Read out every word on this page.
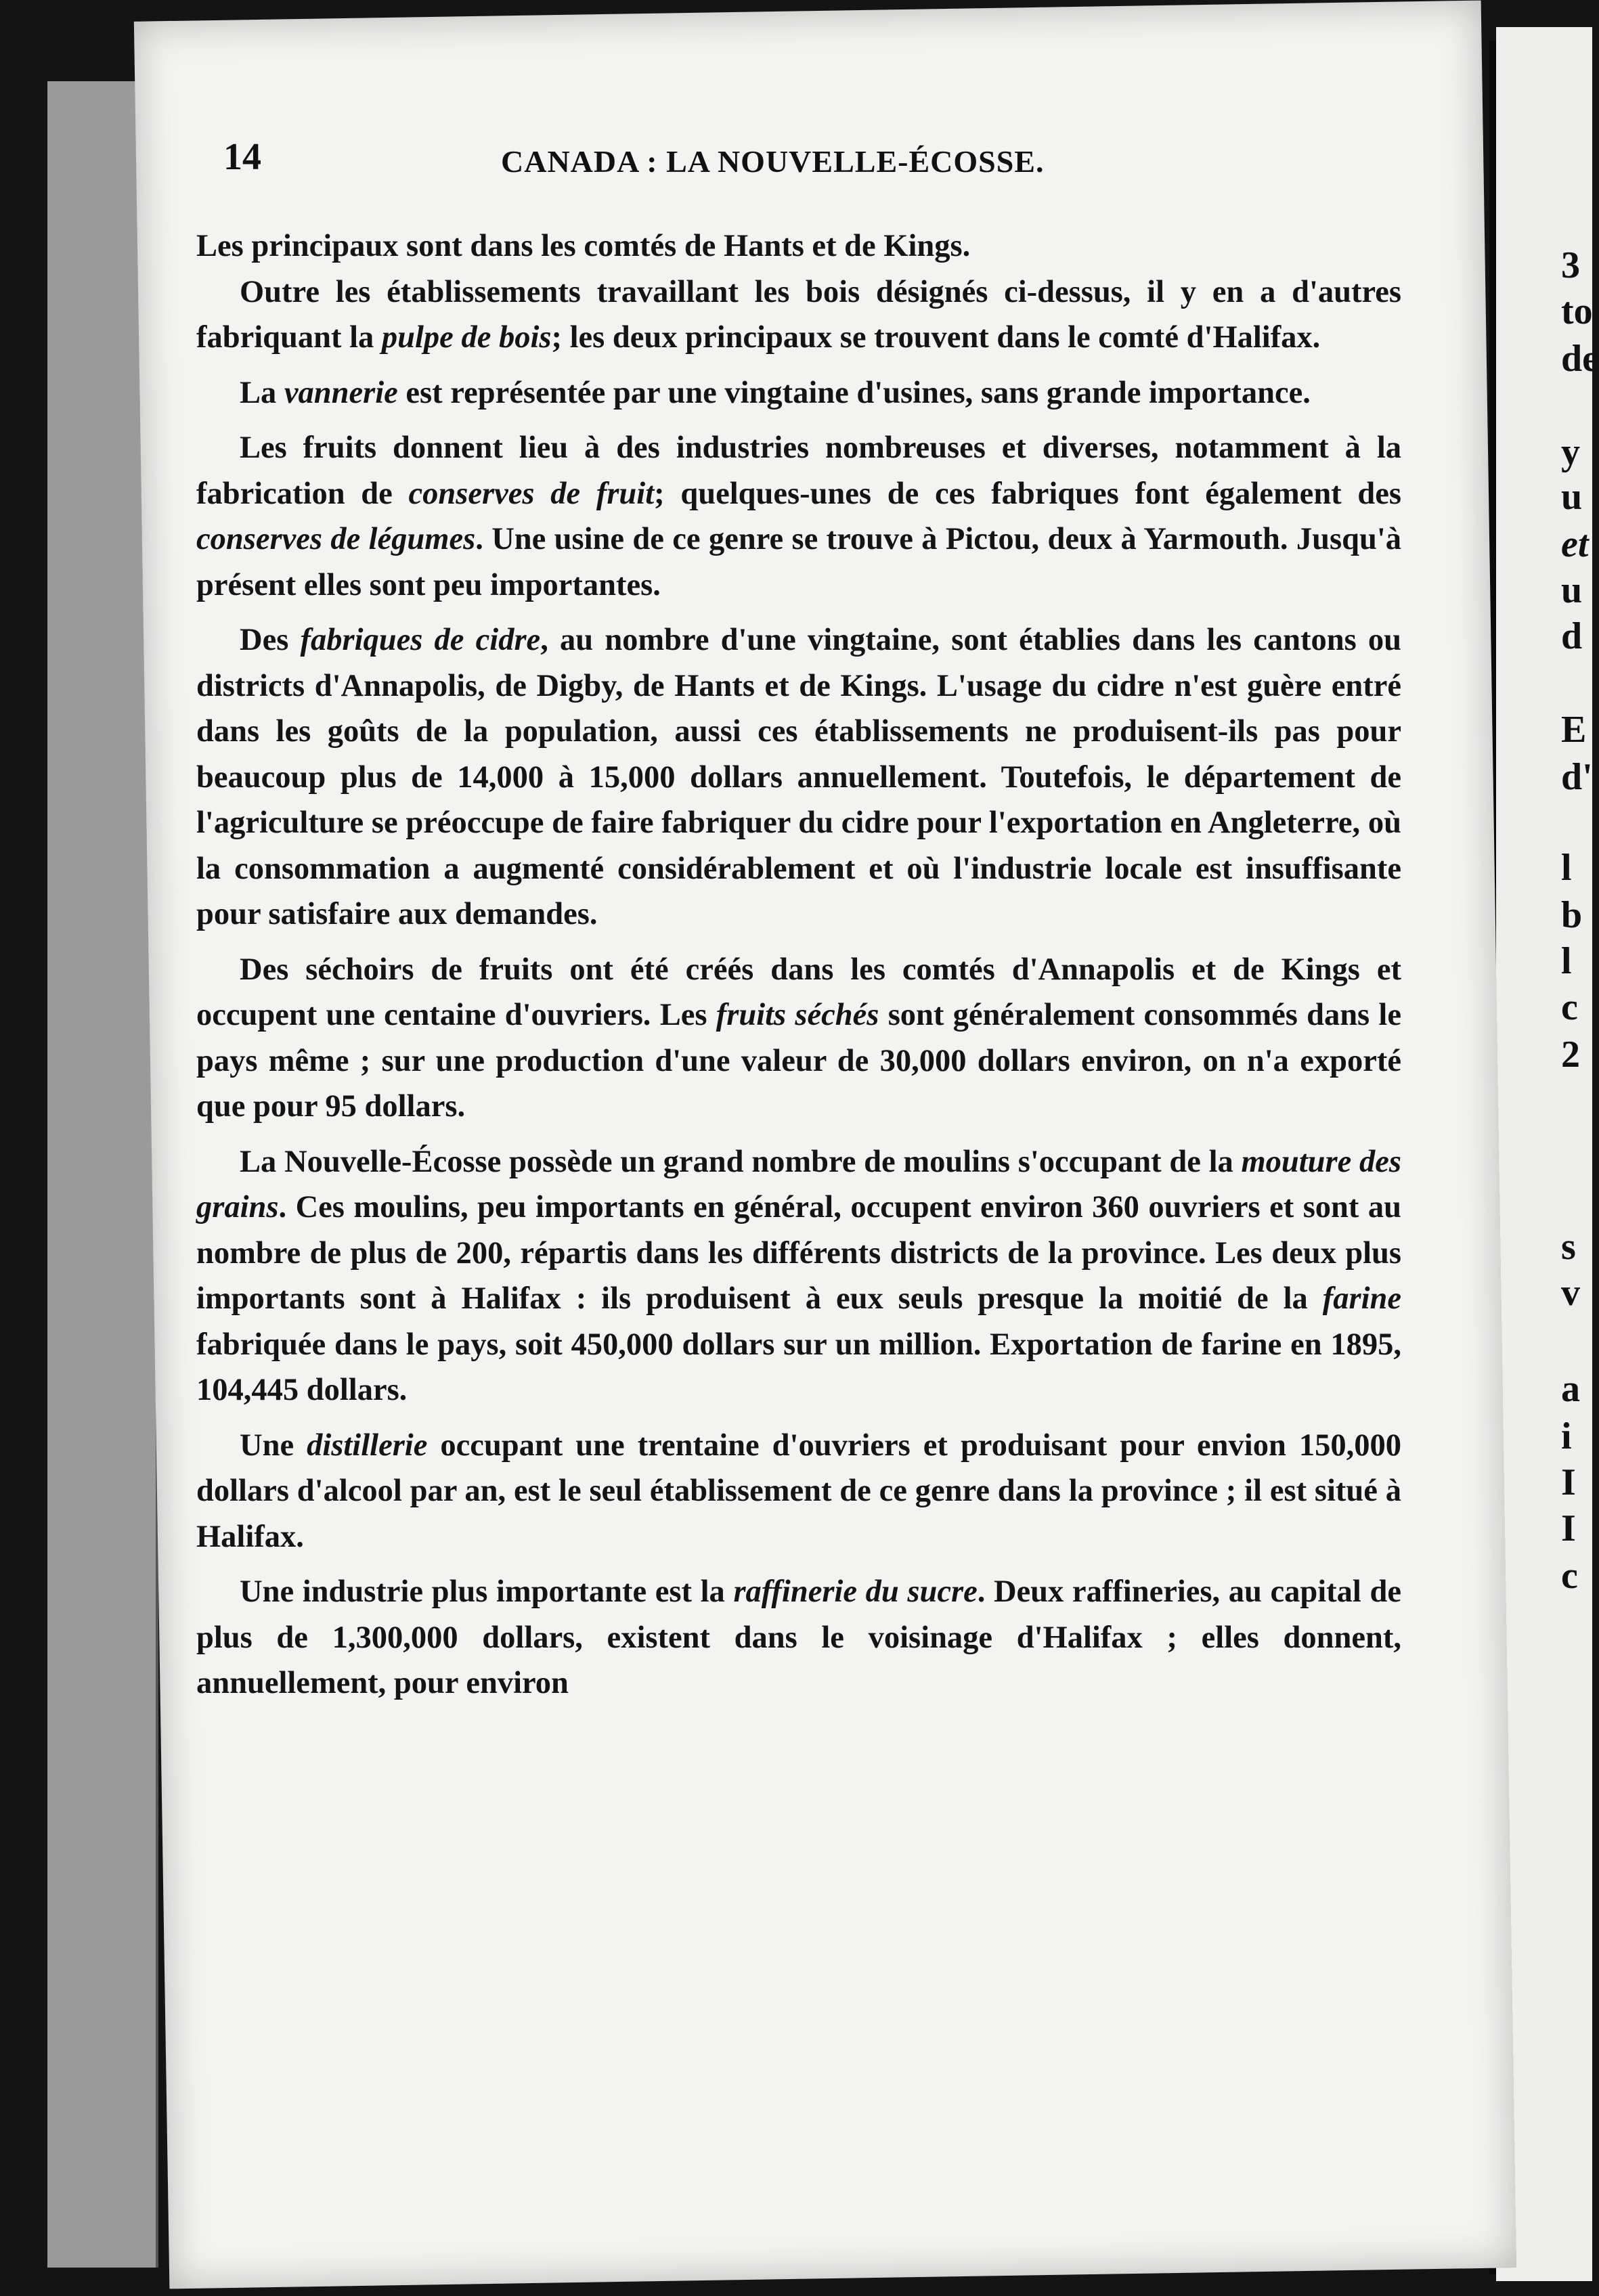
3
to
de
y
u
et
u
d
E
d'
l
b
l
c
2
s
v
a
i
I
I
c
14	CANADA : LA NOUVELLE-ÉCOSSE.

Les principaux sont dans les comtés de Hants et de Kings.

Outre les établissements travaillant les bois désignés ci-dessus, il y en a d'autres fabriquant la pulpe de bois; les deux principaux se trouvent dans le comté d'Halifax.

La vannerie est représentée par une vingtaine d'usines, sans grande importance.

Les fruits donnent lieu à des industries nombreuses et diverses, notamment à la fabrication de conserves de fruit; quelques-unes de ces fabriques font également des conserves de légumes. Une usine de ce genre se trouve à Pictou, deux à Yarmouth. Jusqu'à présent elles sont peu importantes.

Des fabriques de cidre, au nombre d'une vingtaine, sont établies dans les cantons ou districts d'Annapolis, de Digby, de Hants et de Kings. L'usage du cidre n'est guère entré dans les goûts de la population, aussi ces établissements ne produisent-ils pas pour beaucoup plus de 14,000 à 15,000 dollars annuellement. Toutefois, le département de l'agriculture se préoccupe de faire fabriquer du cidre pour l'exportation en Angleterre, où la consommation a augmenté considérablement et où l'industrie locale est insuffisante pour satisfaire aux demandes.

Des séchoirs de fruits ont été créés dans les comtés d'Annapolis et de Kings et occupent une centaine d'ouvriers. Les fruits séchés sont généralement consommés dans le pays même ; sur une production d'une valeur de 30,000 dollars environ, on n'a exporté que pour 95 dollars.

La Nouvelle-Écosse possède un grand nombre de moulins s'occupant de la mouture des grains. Ces moulins, peu importants en général, occupent environ 360 ouvriers et sont au nombre de plus de 200, répartis dans les différents districts de la province. Les deux plus importants sont à Halifax : ils produisent à eux seuls presque la moitié de la farine fabriquée dans le pays, soit 450,000 dollars sur un million. Exportation de farine en 1895, 104,445 dollars.

Une distillerie occupant une trentaine d'ouvriers et produisant pour envion 150,000 dollars d'alcool par an, est le seul établissement de ce genre dans la province ; il est situé à Halifax.

Une industrie plus importante est la raffinerie du sucre. Deux raffineries, au capital de plus de 1,300,000 dollars, existent dans le voisinage d'Halifax ; elles donnent, annuellement, pour environ
